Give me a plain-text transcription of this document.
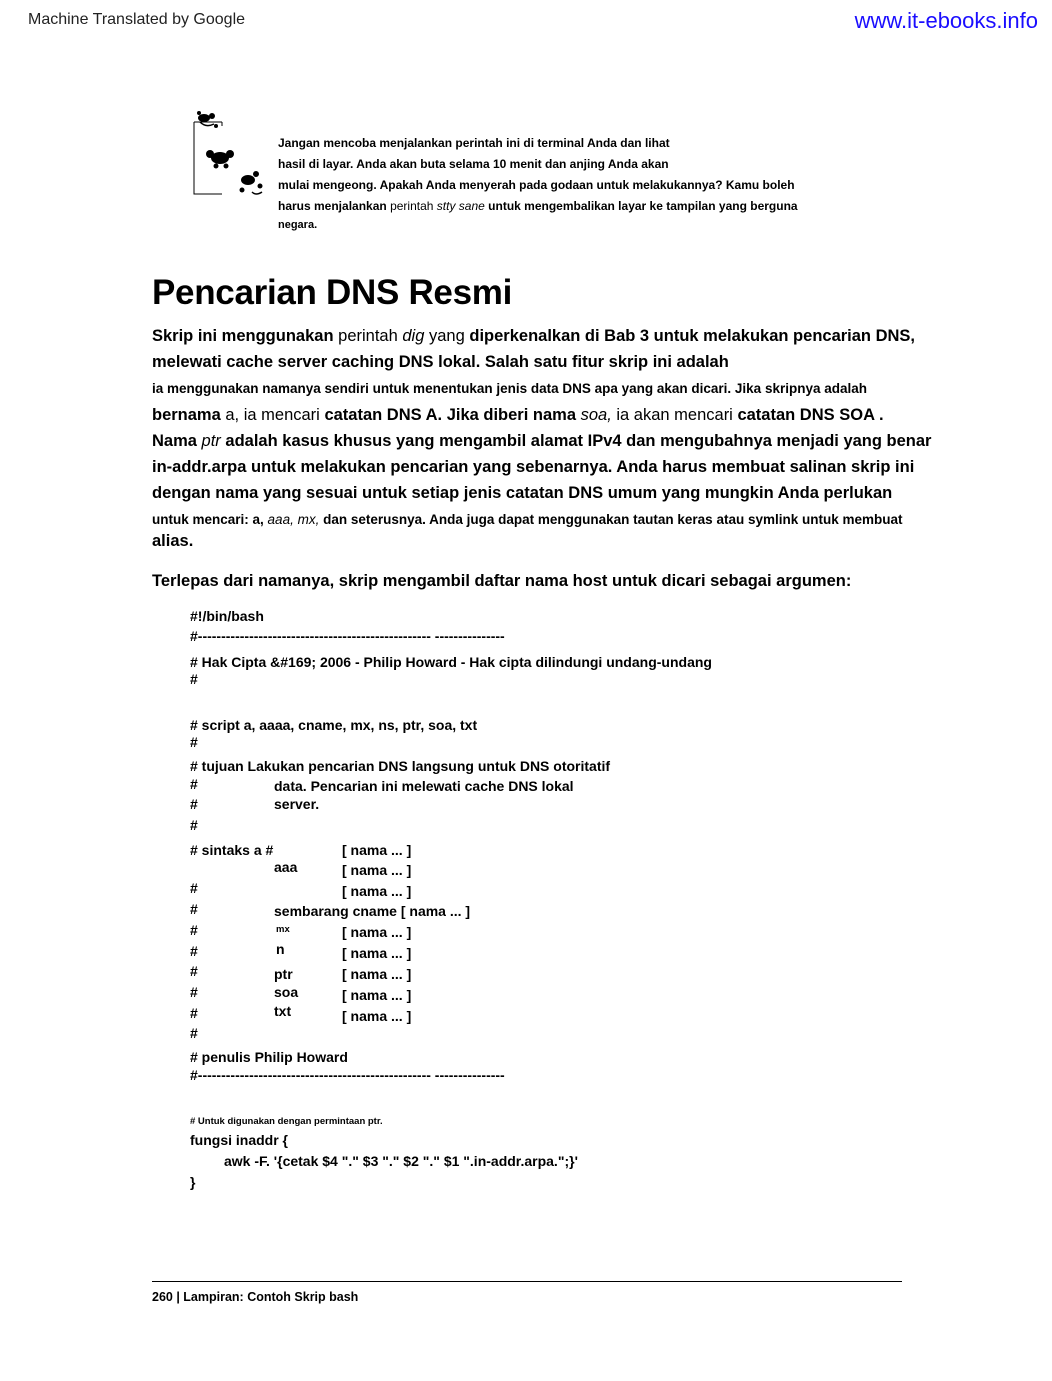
Machine Translated by Google	www.it-ebooks.info
Jangan mencoba menjalankan perintah ini di terminal Anda dan lihat
hasil di layar. Anda akan buta selama 10 menit dan anjing Anda akan
mulai mengeong. Apakah Anda menyerah pada godaan untuk melakukannya? Kamu boleh
harus menjalankan perintah stty sane untuk mengembalikan layar ke tampilan yang berguna
negara.
Pencarian DNS Resmi
Skrip ini menggunakan perintah dig yang diperkenalkan di Bab 3 untuk melakukan pencarian DNS,
melewati cache server caching DNS lokal. Salah satu fitur skrip ini adalah
ia menggunakan namanya sendiri untuk menentukan jenis data DNS apa yang akan dicari. Jika skripnya adalah
bernama a, ia mencari catatan DNS A. Jika diberi nama soa, ia akan mencari catatan DNS SOA .
Nama ptr adalah kasus khusus yang mengambil alamat IPv4 dan mengubahnya menjadi yang benar
in-addr.arpa untuk melakukan pencarian yang sebenarnya. Anda harus membuat salinan skrip ini
dengan nama yang sesuai untuk setiap jenis catatan DNS umum yang mungkin Anda perlukan
untuk mencari: a, aaa, mx, dan seterusnya. Anda juga dapat menggunakan tautan keras atau symlink untuk membuat
alias.
Terlepas dari namanya, skrip mengambil daftar nama host untuk dicari sebagai argumen:
#!/bin/bash
#-------------------------------------------------- ---------------
# Hak Cipta &#169; 2006 - Philip Howard - Hak cipta dilindungi undang-undang
#
# script a, aaaa, cname, mx, ns, ptr, soa, txt
#
# tujuan Lakukan pencarian DNS langsung untuk DNS otoritatif
#	data. Pencarian ini melewati cache DNS lokal
#	server.
#
# sintaks a #	[ nama ... ]
aaa	[ nama ... ]
#	[ nama ... ]
#	sembarang cname [ nama ... ]
#	mx	[ nama ... ]
#	n	[ nama ... ]
#	ptr	[ nama ... ]
#	soa	[ nama ... ]
#	txt	[ nama ... ]
#
# penulis Philip Howard
#-------------------------------------------------- ---------------
# Untuk digunakan dengan permintaan ptr.
fungsi inaddr {
awk -F. '{cetak $4 "." $3 "." $2 "." $1 ".in-addr.arpa.";}'
}
260 | Lampiran: Contoh Skrip bash
